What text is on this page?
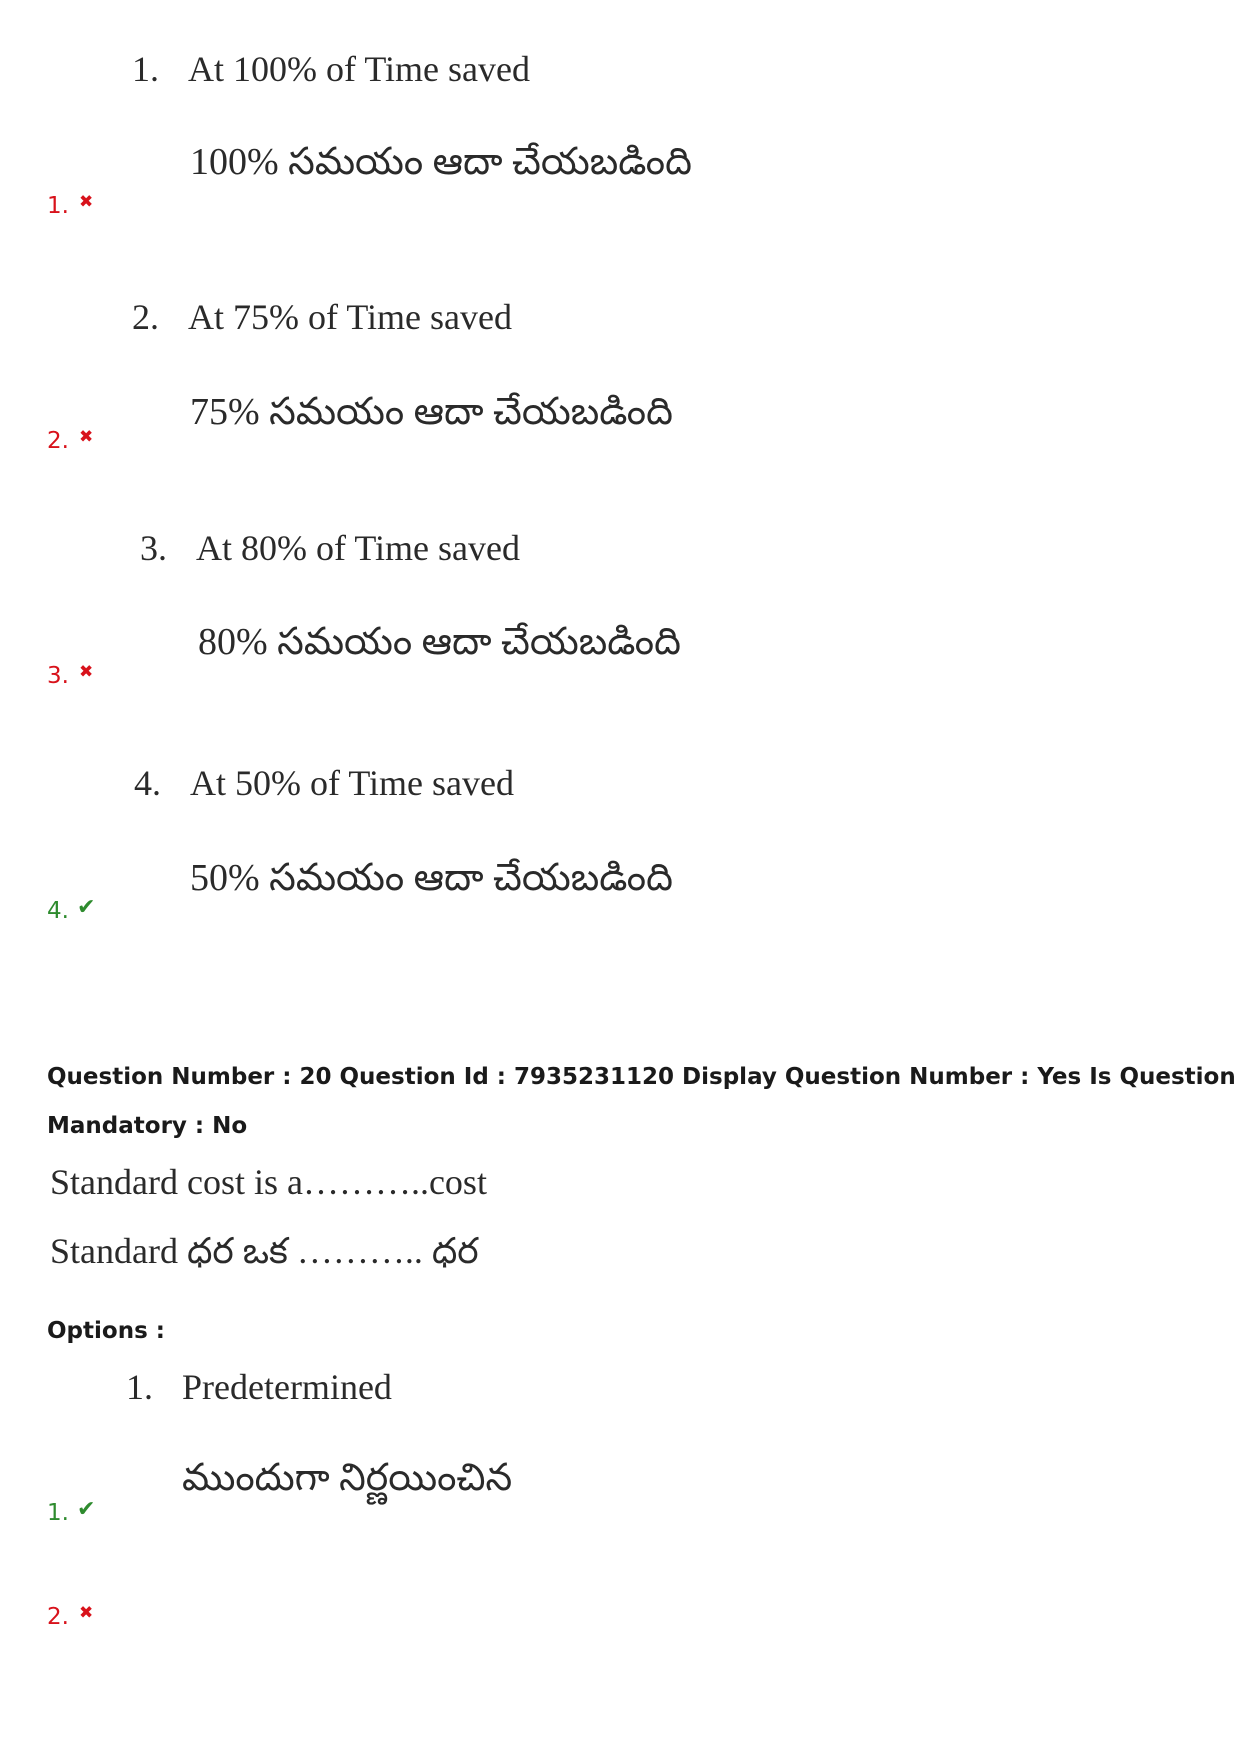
1. At 100% of Time saved
100% సమయం ఆదా చేయబడింది
1. ✖
2. At 75% of Time saved
75% సమయం ఆదా చేయబడింది
2. ✖
3. At 80% of Time saved
80% సమయం ఆదా చేయబడింది
3. ✖
4. At 50% of Time saved
50% సమయం ఆదా చేయబడింది
4. ✔
Question Number : 20 Question Id : 7935231120 Display Question Number : Yes Is Question
Mandatory : No
Standard cost is a………..cost
Standard ధర ఒక ……….. ధర
Options :
1. Predetermined
ముందుగా నిర్ణయించిన
1. ✔
2. ✖
